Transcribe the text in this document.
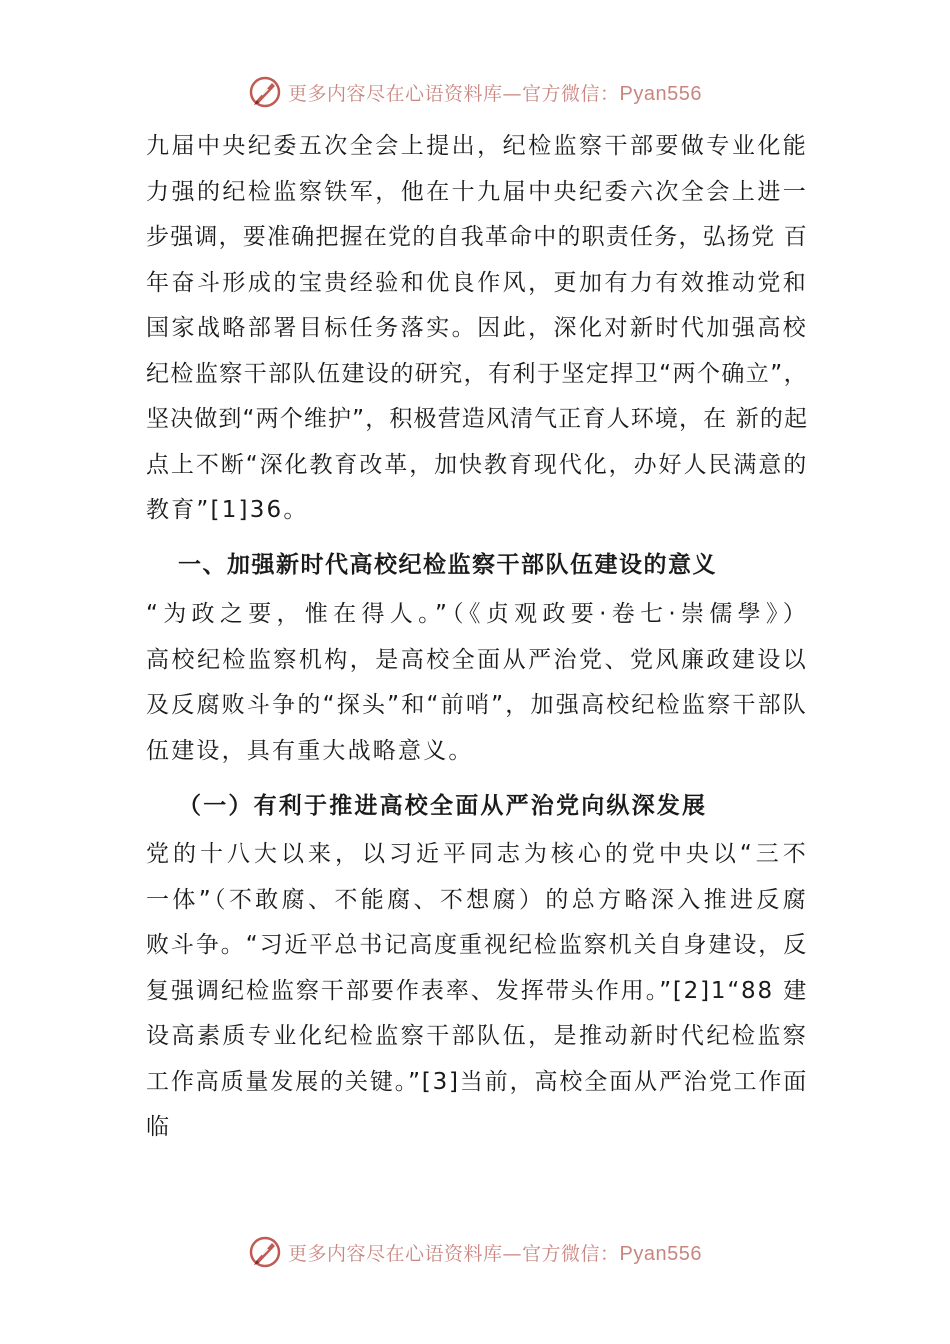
更多内容尽在心语资料库—官方微信：Pyan556
九届中央纪委五次全会上提出，纪检监察干部要做专业化能
力强的纪检监察铁军，他在十九届中央纪委六次全会上进一
步强调，要准确把握在党的自我革命中的职责任务，弘扬党 百
年奋斗形成的宝贵经验和优良作风，更加有力有效推动党和
国家战略部署目标任务落实。因此，深化对新时代加强高校
纪检监察干部队伍建设的研究，有利于坚定捍卫“两个确立”，
坚决做到“两个维护”，积极营造风清气正育人环境，在 新的起
点上不断“深化教育改革，加快教育现代化，办好人民满意的
教育”[1]36。
一、加强新时代高校纪检监察干部队伍建设的意义
“为政之要，惟在得人。”（《贞观政要·卷七·崇儒學》）
高校纪检监察机构，是高校全面从严治党、党风廉政建设以
及反腐败斗争的“探头”和“前哨”，加强高校纪检监察干部队
伍建设，具有重大战略意义。
（一）有利于推进高校全面从严治党向纵深发展
党的十八大以来，以习近平同志为核心的党中央以“三不
一体”（不敢腐、不能腐、不想腐）的总方略深入推进反腐
败斗争。“习近平总书记高度重视纪检监察机关自身建设，反
复强调纪检监察干部要作表率、发挥带头作用。”[2]1“88 建
设高素质专业化纪检监察干部队伍，是推动新时代纪检监察
工作高质量发展的关键。”[3]当前，高校全面从严治党工作面
临
更多内容尽在心语资料库—官方微信：Pyan556
